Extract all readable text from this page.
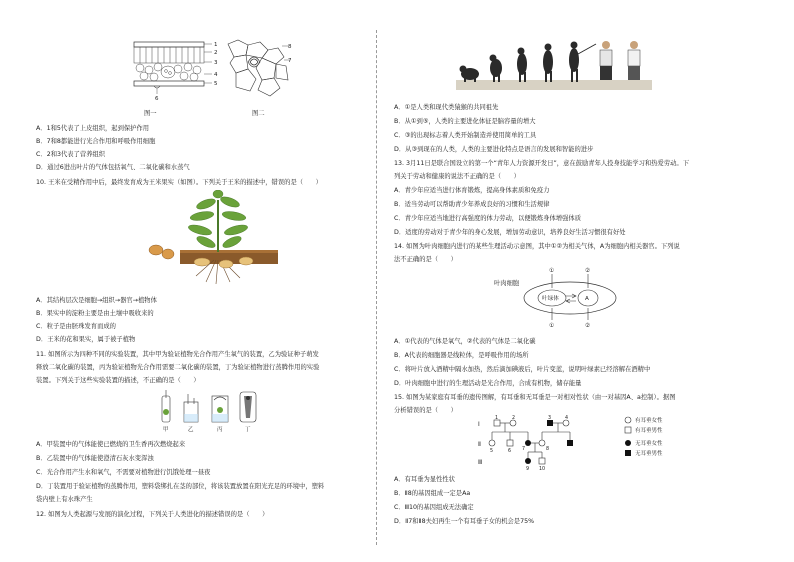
1
2
3
4
5
6
8
7
图一	图二
A．1和5代表了上皮组织，起到保护作用
B．7和8都能进行光合作用和呼吸作用细胞
C．2和3代表了营养组织
D．通过6进出叶片的气体包括氧气、二氧化碳和水蒸气
10. 王米在受精作用中后，最终发育成为王米果实（如图）。下列关于王米的描述中，错误的是（　　）
A．其结构层次是细胞→组织→器官→植物体
B．果实中的淀粉主要是由土壤中吸收来的
C．粒子是由胚珠发育而成的
D．王米的花和果实，属于被子植物
11. 如图所示为四种不同的实验装置，其中甲为验证植物光合作用产生氧气的装置，乙为验证种子萌发
释放二氧化碳的装置，丙为验证植物光合作用需要二氧化碳的装置，丁为验证植物进行蒸腾作用的实验
装置。下列关于这些实验装置的描述，不正确的是（　　）
甲	乙	丙	丁
A．甲装置中的气体能使已燃烧的卫生香再次燃烧起来
B．乙装置中的气体能使澄清石灰水变浑浊
C．光合作用产生水和氧气，不需要对植物进行饥饿处理一昼夜
D．丁装置用于验证植物的蒸腾作用，塑料袋绑扎在茎的部位，将该装置放置在阳光充足的环境中，塑料
袋内壁上有水珠产生
12. 如图为人类起源与发展的演化过程，下列关于人类进化的描述错误的是（　　）
A．①是人类和现代类猿猴的共同祖先
B．从①到⑤，人类的主要进化体征是脑容量的增大
C．③的出现标志着人类开始制造并使用简单的工具
D．从③到现在的人类，人类的主要进化特点是语言的发展和智能的进步
13. 3月11日是联合国设立的第一个“青年人力资源开发日”，意在鼓励青年人投身技能学习和热爱劳动。下
列关于劳动和健康的说法不正确的是（　　）
A．青少年应适当进行体育锻炼，提高身体素质和免疫力
B．适当劳动可以帮助青少年养成良好的习惯和生活规律
C．青少年应适当地进行高强度的体力劳动，以便锻炼身体增强体质
D．适度的劳动对于青少年的身心发展，增加劳动意识，培养良好生活习惯很有好处
14. 如图为叶肉细胞内进行的某些生理活动示意图，其中①②为相关气体，A为细胞内相关器官。下列说
法不正确的是（　　）
叶肉细胞
叶绿体	A
①	②
①	②
A．①代表的气体是氧气，②代表的气体是二氧化碳
B．A代表的细胞器是线粒体，是呼吸作用的场所
C．将叶片放入酒精中隔水加热，然后滴加碘液后，叶片变蓝，说明叶绿素已经溶解在酒精中
D．叶肉细胞中进行的生理活动是光合作用，合成有机物，储存能量
15. 如图为某家庭有耳垂的遗传图解，有耳垂和无耳垂是一对相对性状（由一对基因A、a控制）。据图
分析错误的是（　　）
Ⅰ
Ⅱ
Ⅲ
1	2	3	4
5	6 7	8
9 10
有耳垂女性
有耳垂男性
无耳垂女性
无耳垂男性
A．有耳垂为显性性状
B．Ⅱ8的基因组成一定是Aa
C．Ⅲ10的基因组成无法确定
D．Ⅱ7和Ⅱ8夫妇再生一个有耳垂子女的机会是75%
